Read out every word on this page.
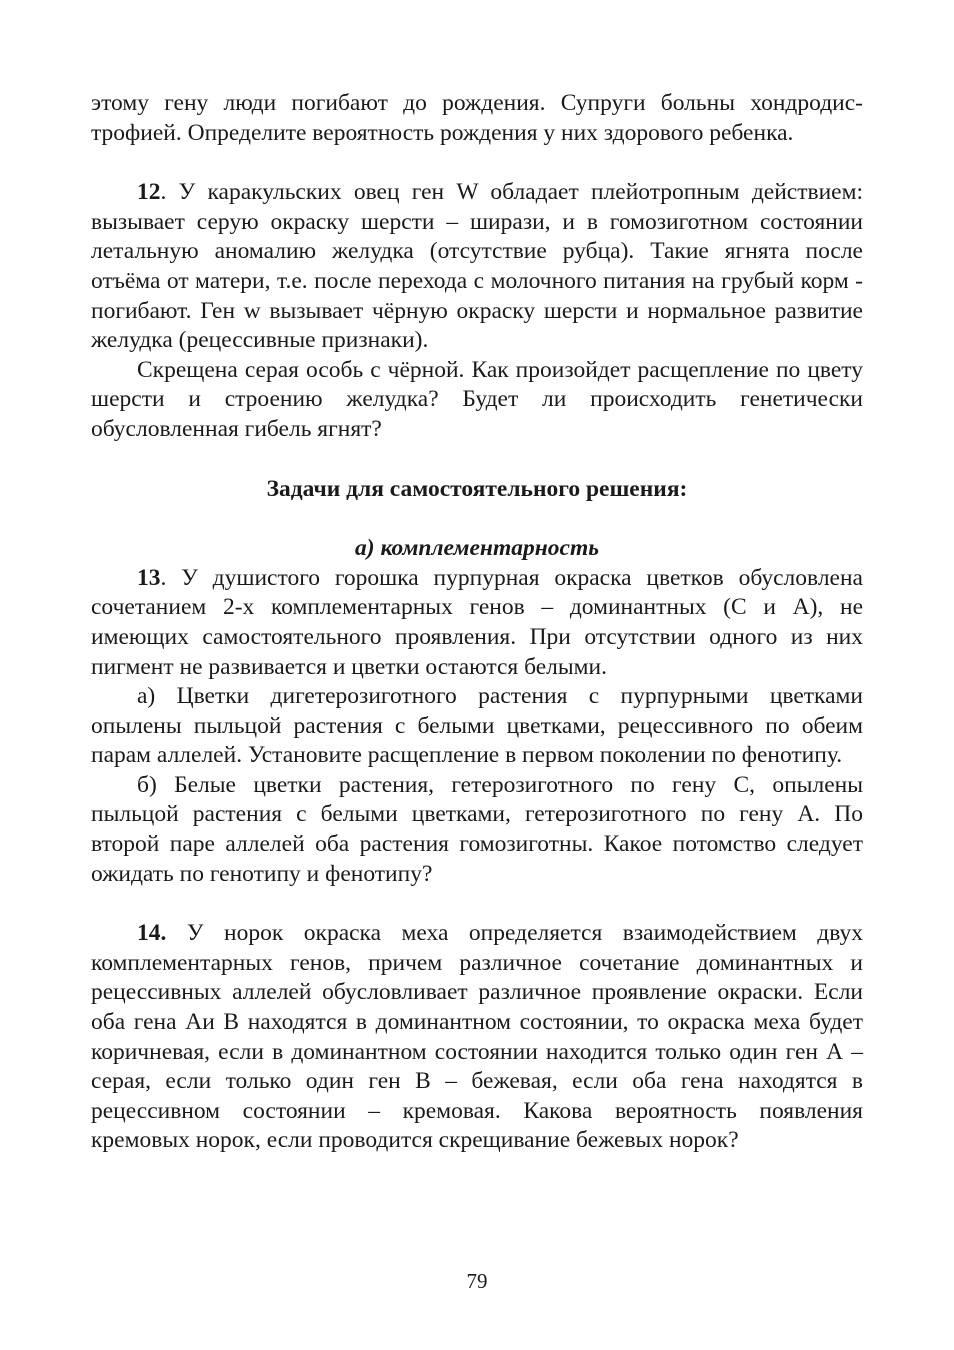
этому гену люди погибают до рождения. Супруги больны хондродистрофией. Определите вероятность рождения у них здорового ребенка.

12. У каракульских овец ген W обладает плейотропным действием: вызывает серую окраску шерсти – ширази, и в гомозиготном состоянии летальную аномалию желудка (отсутствие рубца). Такие ягнята после отъёма от матери, т.е. после перехода с молочного питания на грубый корм - погибают. Ген w вызывает чёрную окраску шерсти и нормальное развитие желудка (рецессивные признаки).

Скрещена серая особь с чёрной. Как произойдет расщепление по цвету шерсти и строению желудка? Будет ли происходить генетически обусловленная гибель ягнят?

Задачи для самостоятельного решения:

а) комплементарность

13. У душистого горошка пурпурная окраска цветков обусловлена сочетанием 2-х комплементарных генов – доминантных (С и А), не имеющих самостоятельного проявления. При отсутствии одного из них пигмент не развивается и цветки остаются белыми.

а) Цветки дигетерозиготного растения с пурпурными цветками опылены пыльцой растения с белыми цветками, рецессивного по обеим парам аллелей. Установите расщепление в первом поколении по фенотипу.

б) Белые цветки растения, гетерозиготного по гену С, опылены пыльцой растения с белыми цветками, гетерозиготного по гену А. По второй паре аллелей оба растения гомозиготны. Какое потомство следует ожидать по генотипу и фенотипу?

14. У норок окраска меха определяется взаимодействием двух комплементарных генов, причем различное сочетание доминантных и рецессивных аллелей обусловливает различное проявление окраски. Если оба гена Аи В находятся в доминантном состоянии, то окраска меха будет коричневая, если в доминантном состоянии находится только один ген А – серая, если только один ген В – бежевая, если оба гена находятся в рецессивном состоянии – кремовая. Какова вероятность появления кремовых норок, если проводится скрещивание бежевых норок?

79
